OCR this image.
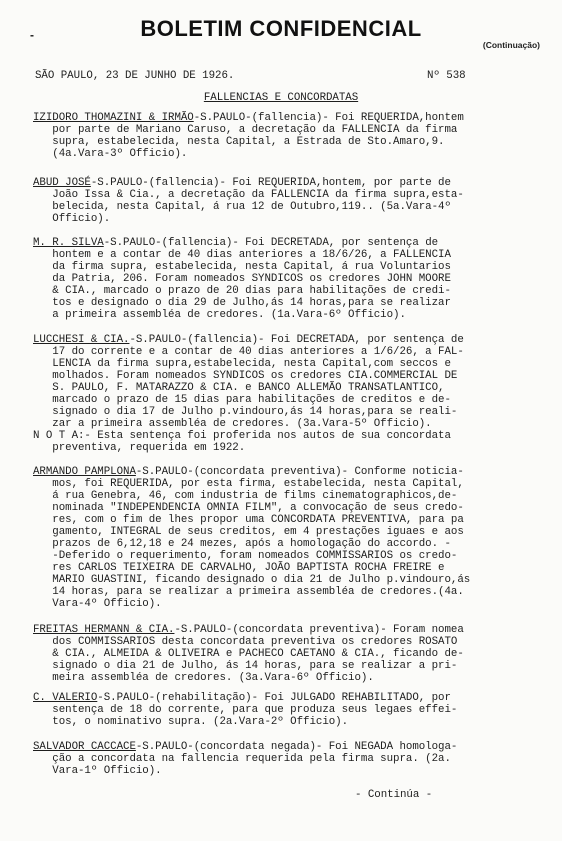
-	BOLETIM CONFIDENCIAL
(Continuação)
SÃO PAULO, 23 DE JUNHO DE 1926.	Nº 538
FALLENCIAS E CONCORDATAS
IZIDORO THOMAZINI & IRMÃO-S.PAULO-(fallencia)- Foi REQUERIDA,hontem
por parte de Mariano Caruso, a decretação da FALLENCIA da firma
supra, estabelecida, nesta Capital, a Estrada de Sto.Amaro,9.
(4a.Vara-3º Officio).
ABUD JOSÉ-S.PAULO-(fallencia)- Foi REQUERIDA,hontem, por parte de
João Issa & Cia., a decretação da FALLENCIA da firma supra,esta-
belecida, nesta Capital, á rua 12 de Outubro,119.. (5a.Vara-4º
Officio).
M. R. SILVA-S.PAULO-(fallencia)- Foi DECRETADA, por sentença de
hontem e a contar de 40 dias anteriores a 18/6/26, a FALLENCIA
da firma supra, estabelecida, nesta Capital, á rua Voluntarios
da Patria, 206. Foram nomeados SYNDICOS os credores JOHN MOORE
& CIA., marcado o prazo de 20 dias para habilitações de credi-
tos e designado o dia 29 de Julho,ás 14 horas,para se realizar
a primeira assembléa de credores. (1a.Vara-6º Officio).
LUCCHESI & CIA.-S.PAULO-(fallencia)- Foi DECRETADA, por sentença de
17 do corrente e a contar de 40 dias anteriores a 1/6/26, a FAL-
LENCIA da firma supra,estabelecida, nesta Capital,com seccos e
molhados. Foram nomeados SYNDICOS os credores CIA.COMMERCIAL DE
S. PAULO, F. MATARAZZO & CIA. e BANCO ALLEMÃO TRANSATLANTICO,
marcado o prazo de 15 dias para habilitações de creditos e de-
signado o dia 17 de Julho p.vindouro,ás 14 horas,para se reali-
zar a primeira assembléa de credores. (3a.Vara-5º Officio).
N O T A:- Esta sentença foi proferida nos autos de sua concordata
preventiva, requerida em 1922.
ARMANDO PAMPLONA-S.PAULO-(concordata preventiva)- Conforme noticia-
mos, foi REQUERIDA, por esta firma, estabelecida, nesta Capital,
á rua Genebra, 46, com industria de films cinematographicos,de-
nominada "INDEPENDENCIA OMNIA FILM", a convocação de seus credo-
res, com o fim de lhes propor uma CONCORDATA PREVENTIVA, para pa
gamento, INTEGRAL de seus creditos, em 4 prestações iguaes e aos
prazos de 6,12,18 e 24 mezes, após a homologação do accordo. -
-Deferido o requerimento, foram nomeados COMMISSARIOS os credo-
res CARLOS TEIXEIRA DE CARVALHO, JOÃO BAPTISTA ROCHA FREIRE e
MARIO GUASTINI, ficando designado o dia 21 de Julho p.vindouro,ás
14 horas, para se realizar a primeira assembléa de credores.(4a.
Vara-4º Officio).
FREITAS HERMANN & CIA.-S.PAULO-(concordata preventiva)- Foram nomea
dos COMMISSARIOS desta concordata preventiva os credores ROSATO
& CIA., ALMEIDA & OLIVEIRA e PACHECO CAETANO & CIA., ficando de-
signado o dia 21 de Julho, ás 14 horas, para se realizar a pri-
meira assembléa de credores. (3a.Vara-6º Officio).
C. VALERIO-S.PAULO-(rehabilitação)- Foi JULGADO REHABILITADO, por
sentença de 18 do corrente, para que produza seus legaes effei-
tos, o nominativo supra. (2a.Vara-2º Officio).
SALVADOR CACCACE-S.PAULO-(concordata negada)- Foi NEGADA homologa-
ção a concordata na fallencia requerida pela firma supra. (2a.
Vara-1º Officio).
- Continúa -
